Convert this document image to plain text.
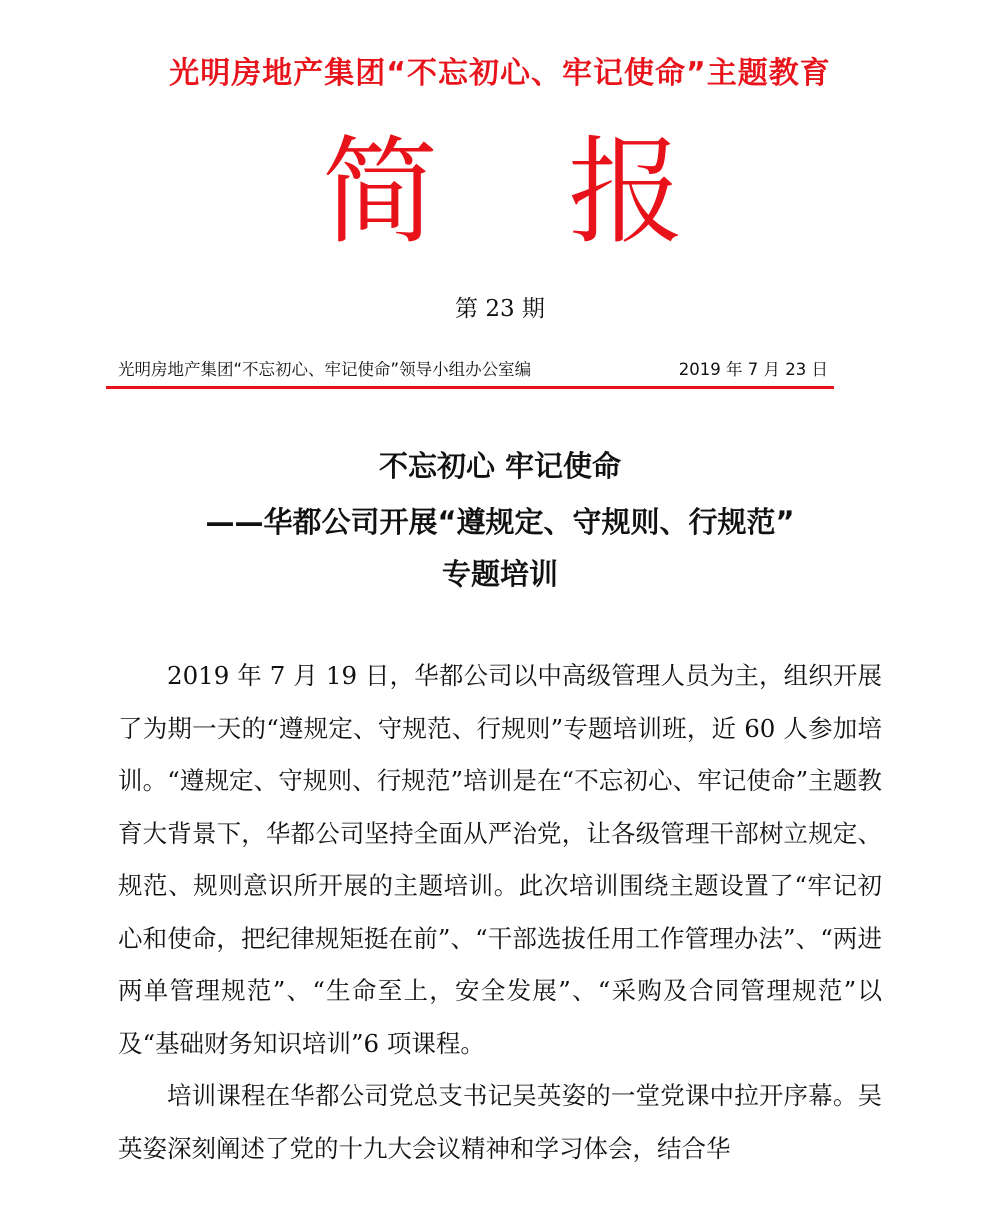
光明房地产集团“不忘初心、牢记使命”主题教育
简 报
第 23 期
光明房地产集团“不忘初心、牢记使命”领导小组办公室编	2019 年 7 月 23 日
不忘初心 牢记使命
——华都公司开展“遵规定、守规则、行规范”
专题培训

2019 年 7 月 19 日，华都公司以中高级管理人员为主，组织开展了为期一天的“遵规定、守规范、行规则”专题培训班，近 60 人参加培训。“遵规定、守规则、行规范”培训是在“不忘初心、牢记使命”主题教育大背景下，华都公司坚持全面从严治党，让各级管理干部树立规定、规范、规则意识所开展的主题培训。此次培训围绕主题设置了“牢记初心和使命，把纪律规矩挺在前”、“干部选拔任用工作管理办法”、“两进两单管理规范”、“生命至上，安全发展”、“采购及合同管理规范”以及“基础财务知识培训”6 项课程。

培训课程在华都公司党总支书记吴英姿的一堂党课中拉开序幕。吴英姿深刻阐述了党的十九大会议精神和学习体会，结合华
